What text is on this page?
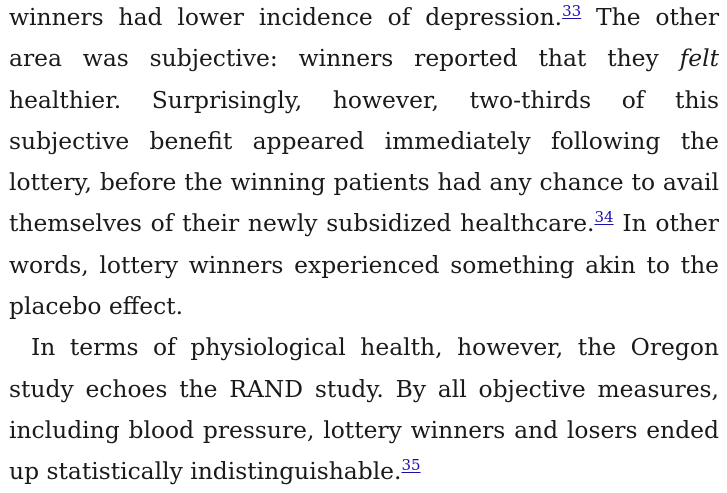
winners had lower incidence of depression.$^{33}$ The other area was subjective: winners reported that they felt healthier. Surprisingly, however, two-thirds of this subjective benefit appeared immediately following the lottery, before the winning patients had any chance to avail themselves of their newly subsidized healthcare.$^{34}$ In other words, lottery winners experienced something akin to the placebo effect.

In terms of physiological health, however, the Oregon study echoes the RAND study. By all objective measures, including blood pressure, lottery winners and losers ended up statistically indistinguishable.$^{35}$
